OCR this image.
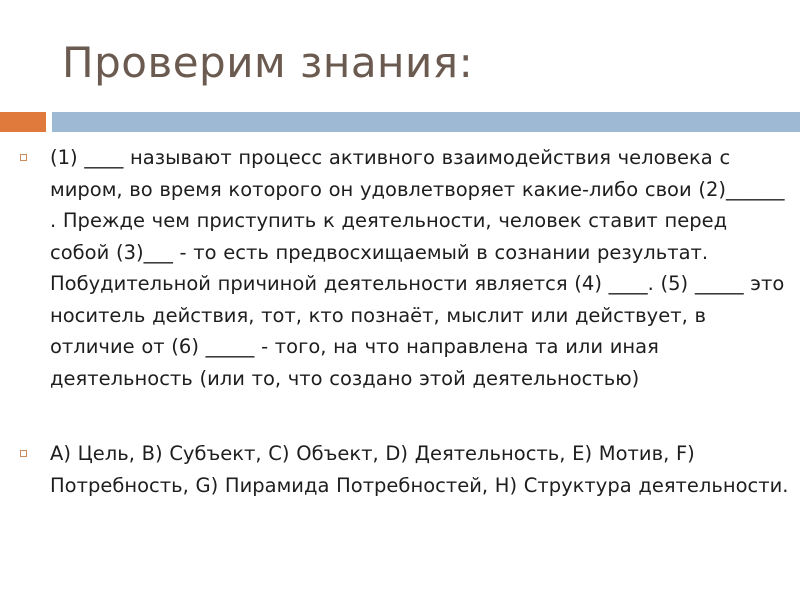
Проверим знания:
(1) ____ называют процесс активного взаимодействия человека с миром, во время которого он удовлетворяет какие-либо свои (2)______ . Прежде чем приступить к деятельности, человек ставит перед собой (3)___ - то есть предвосхищаемый в сознании результат. Побудительной причиной деятельности является (4) ____. (5) _____ это носитель действия, тот, кто познаёт, мыслит или действует, в отличие от (6) _____ - того, на что направлена та или иная деятельность (или то, что создано этой деятельностью)
A) Цель, B) Субъект, C) Объект, D) Деятельность, E) Мотив, F) Потребность, G) Пирамида Потребностей, H) Структура деятельности.
